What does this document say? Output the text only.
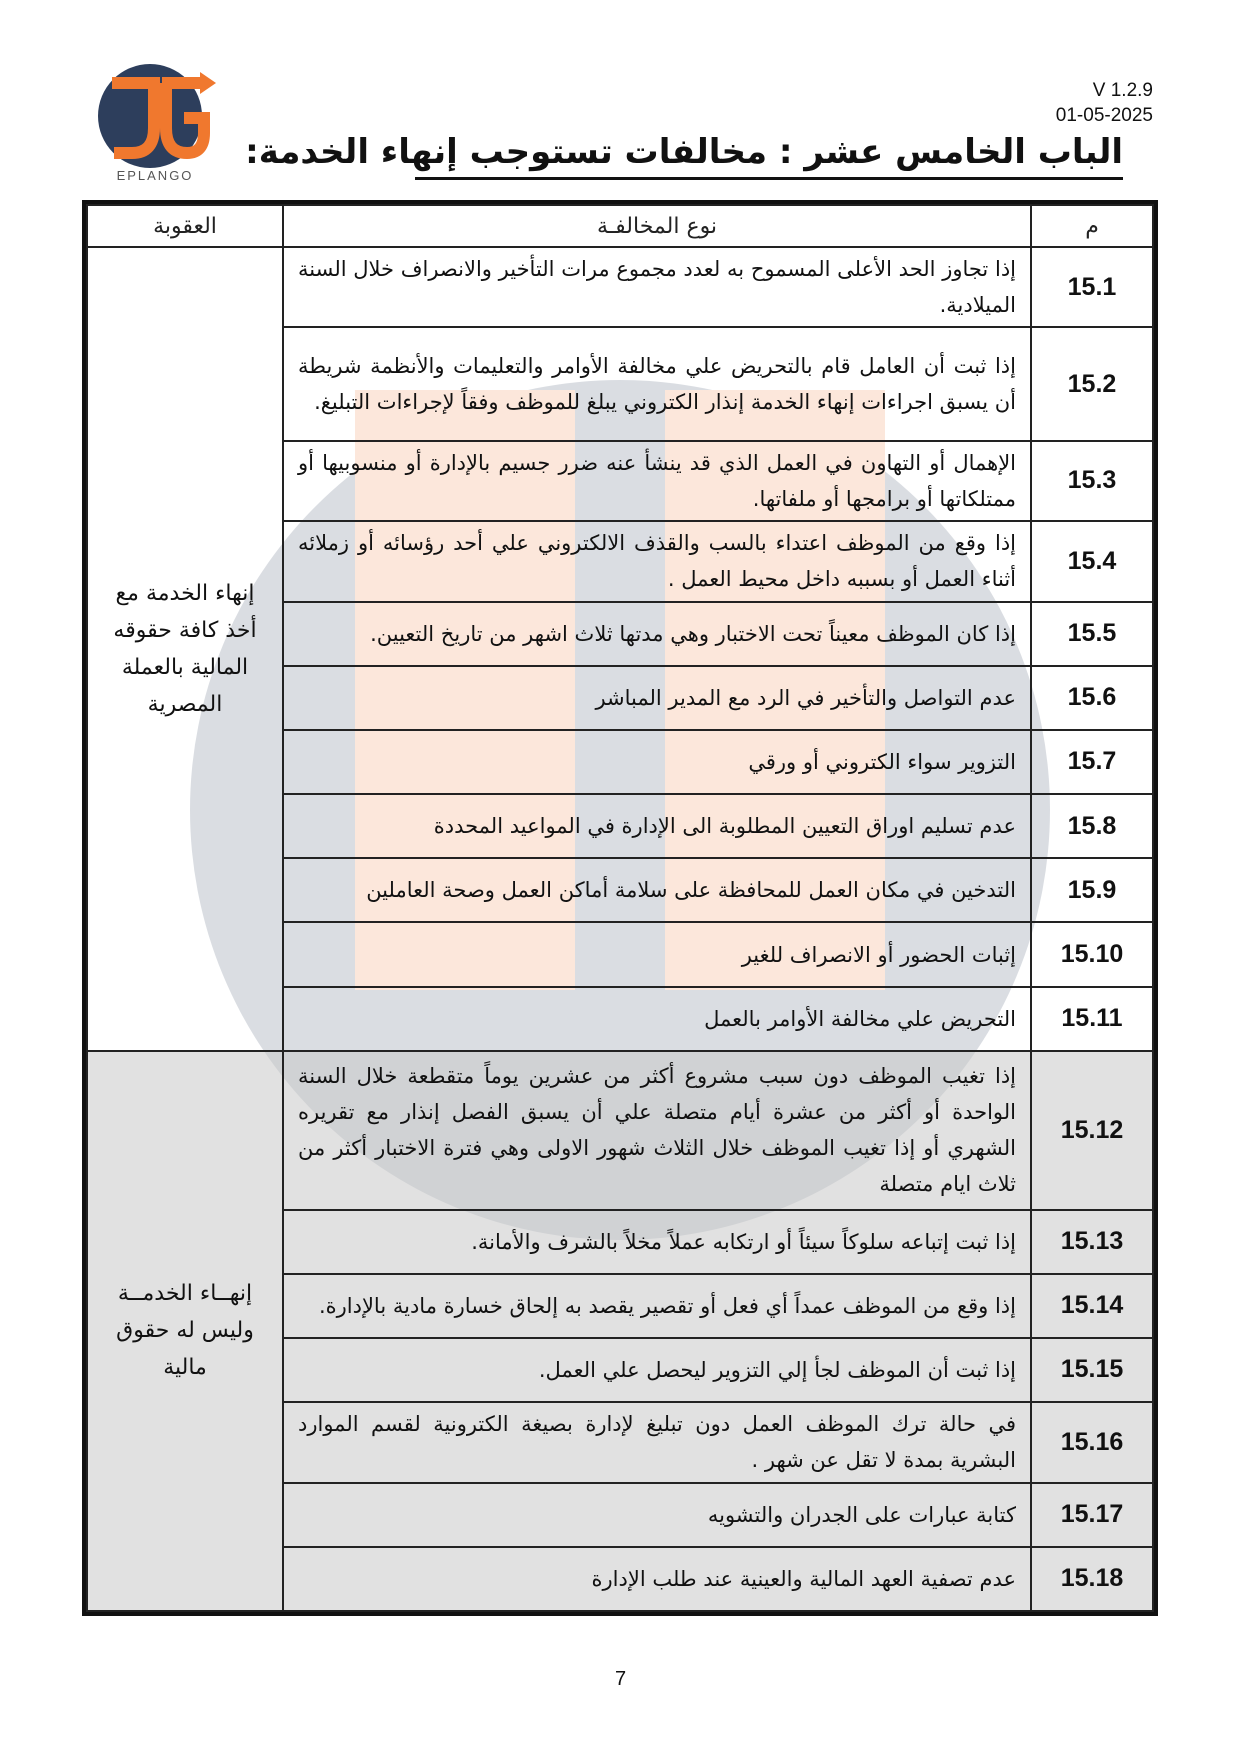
EPLANGO
V 1.2.9
01-05-2025
الباب الخامس عشر : مخالفات تستوجب إنهاء الخدمة:
م	نوع المخالفـة	العقوبة
15.1	إذا تجاوز الحد الأعلى المسموح به لعدد مجموع مرات التأخير والانصراف خلال السنة الميلادية.	إنهاء الخدمة مع أخذ كافة حقوقه المالية بالعملة المصرية
15.2	إذا ثبت أن العامل قام بالتحريض علي مخالفة الأوامر والتعليمات والأنظمة شريطة أن يسبق اجراءات إنهاء الخدمة إنذار الكتروني يبلغ للموظف وفقاً لإجراءات التبليغ.	
15.3	الإهمال أو التهاون في العمل الذي قد ينشأ عنه ضرر جسيم بالإدارة أو منسوبيها أو ممتلكاتها أو برامجها أو ملفاتها.	
15.4	إذا وقع من الموظف اعتداء بالسب والقذف الالكتروني علي أحد رؤسائه أو زملائه أثناء العمل أو بسببه داخل محيط العمل .	
15.5	إذا كان الموظف معيناً تحت الاختبار وهي مدتها ثلاث اشهر من تاريخ التعيين.	
15.6	عدم التواصل والتأخير في الرد مع المدير المباشر	
15.7	التزوير سواء الكتروني أو ورقي	
15.8	عدم تسليم اوراق التعيين المطلوبة الى الإدارة في المواعيد المحددة	
15.9	التدخين في مكان العمل للمحافظة على سلامة أماكن العمل وصحة العاملين	
15.10	إثبات الحضور أو الانصراف للغير	
15.11	التحريض علي مخالفة الأوامر بالعمل	
15.12	إذا تغيب الموظف دون سبب مشروع أكثر من عشرين يوماً متقطعة خلال السنة الواحدة أو أكثر من عشرة أيام متصلة علي أن يسبق الفصل إنذار مع تقريره الشهري أو إذا تغيب الموظف خلال الثلاث شهور الاولى وهي فترة الاختبار أكثر من ثلاث ايام متصلة	إنهــاء الخدمــة وليس له حقوق مالية
15.13	إذا ثبت إتباعه سلوكاً سيئاً أو ارتكابه عملاً مخلاً بالشرف والأمانة.	
15.14	إذا وقع من الموظف عمداً أي فعل أو تقصير يقصد به إلحاق خسارة مادية بالإدارة.	
15.15	إذا ثبت أن الموظف لجأ إلي التزوير ليحصل علي العمل.	
15.16	في حالة ترك الموظف العمل دون تبليغ لإدارة بصيغة الكترونية لقسم الموارد البشرية بمدة لا تقل عن شهر .	
15.17	كتابة عبارات على الجدران والتشويه	
15.18	عدم تصفية العهد المالية والعينية عند طلب الإدارة	
7
